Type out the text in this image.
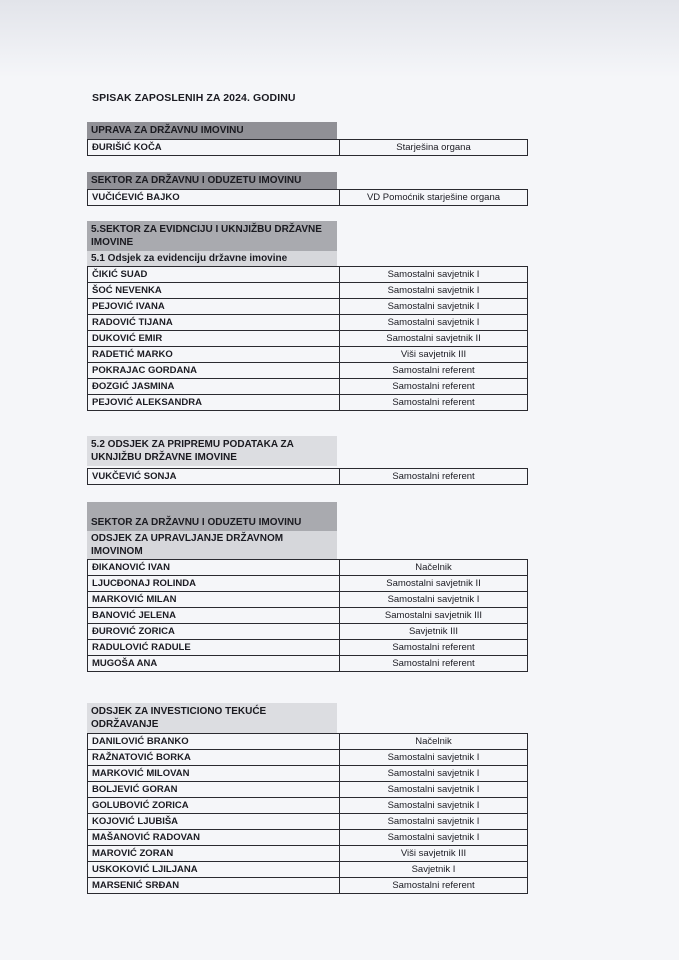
SPISAK ZAPOSLENIH ZA 2024. GODINU
UPRAVA ZA DRŽAVNU IMOVINU
ĐURIŠIĆ KOČA	Starješina organa
SEKTOR ZA DRŽAVNU I ODUZETU IMOVINU
VUČIĆEVIĆ BAJKO	VD Pomoćnik starješine organa
5.SEKTOR ZA EVIDNCIJU I UKNJIŽBU DRŽAVNE IMOVINE
5.1 Odsjek za evidenciju državne imovine
ČIKIĆ SUAD	Samostalni savjetnik I
ŠOĆ NEVENKA	Samostalni savjetnik I
PEJOVIĆ IVANA	Samostalni savjetnik I
RADOVIĆ TIJANA	Samostalni savjetnik I
DUKOVIĆ EMIR	Samostalni savjetnik II
RADETIĆ MARKO	Viši savjetnik III
POKRAJAC GORDANA	Samostalni referent
ĐOZGIĆ JASMINA	Samostalni referent
PEJOVIĆ ALEKSANDRA	Samostalni referent
5.2 ODSJEK ZA PRIPREMU PODATAKA ZA UKNJIŽBU DRŽAVNE IMOVINE
VUKČEVIĆ SONJA	Samostalni referent
SEKTOR ZA DRŽAVNU I ODUZETU IMOVINU
ODSJEK ZA UPRAVLJANJE DRŽAVNOM IMOVINOM
ĐIKANOVIĆ IVAN	Načelnik
LJUCĐONAJ ROLINDA	Samostalni savjetnik II
MARKOVIĆ MILAN	Samostalni savjetnik I
BANOVIĆ JELENA	Samostalni savjetnik III
ĐUROVIĆ ZORICA	Savjetnik III
RADULOVIĆ RADULE	Samostalni referent
MUGOŠA ANA	Samostalni referent
ODSJEK ZA INVESTICIONO TEKUĆE ODRŽAVANJE
DANILOVIĆ BRANKO	Načelnik
RAŽNATOVIĆ BORKA	Samostalni savjetnik I
MARKOVIĆ MILOVAN	Samostalni savjetnik I
BOLJEVIĆ GORAN	Samostalni savjetnik I
GOLUBOVIĆ ZORICA	Samostalni savjetnik I
KOJOVIĆ LJUBIŠA	Samostalni savjetnik I
MAŠANOVIĆ RADOVAN	Samostalni savjetnik I
MAROVIĆ ZORAN	Viši savjetnik III
USKOKOVIĆ LJILJANA	Savjetnik I
MARSENIĆ SRĐAN	Samostalni referent
